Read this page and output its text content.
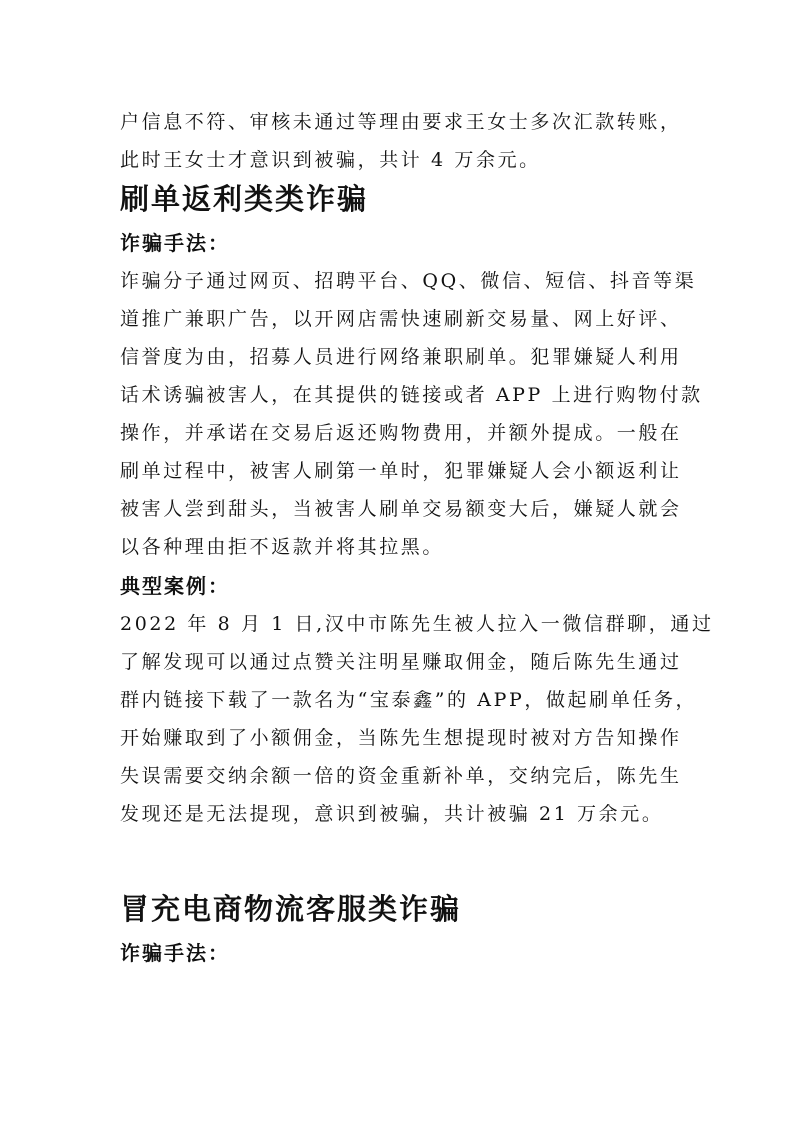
户信息不符、审核未通过等理由要求王女士多次汇款转账，
此时王女士才意识到被骗，共计 4 万余元。
刷单返利类类诈骗
诈骗手法：
诈骗分子通过网页、招聘平台、QQ、微信、短信、抖音等渠
道推广兼职广告，以开网店需快速刷新交易量、网上好评、
信誉度为由，招募人员进行网络兼职刷单。犯罪嫌疑人利用
话术诱骗被害人，在其提供的链接或者 APP 上进行购物付款
操作，并承诺在交易后返还购物费用，并额外提成。一般在
刷单过程中，被害人刷第一单时，犯罪嫌疑人会小额返利让
被害人尝到甜头，当被害人刷单交易额变大后，嫌疑人就会
以各种理由拒不返款并将其拉黑。
典型案例：
2022 年 8 月 1 日,汉中市陈先生被人拉入一微信群聊，通过
了解发现可以通过点赞关注明星赚取佣金，随后陈先生通过
群内链接下载了一款名为“宝泰鑫”的 APP，做起刷单任务，
开始赚取到了小额佣金，当陈先生想提现时被对方告知操作
失误需要交纳余额一倍的资金重新补单，交纳完后，陈先生
发现还是无法提现，意识到被骗，共计被骗 21 万余元。
冒充电商物流客服类诈骗
诈骗手法：
